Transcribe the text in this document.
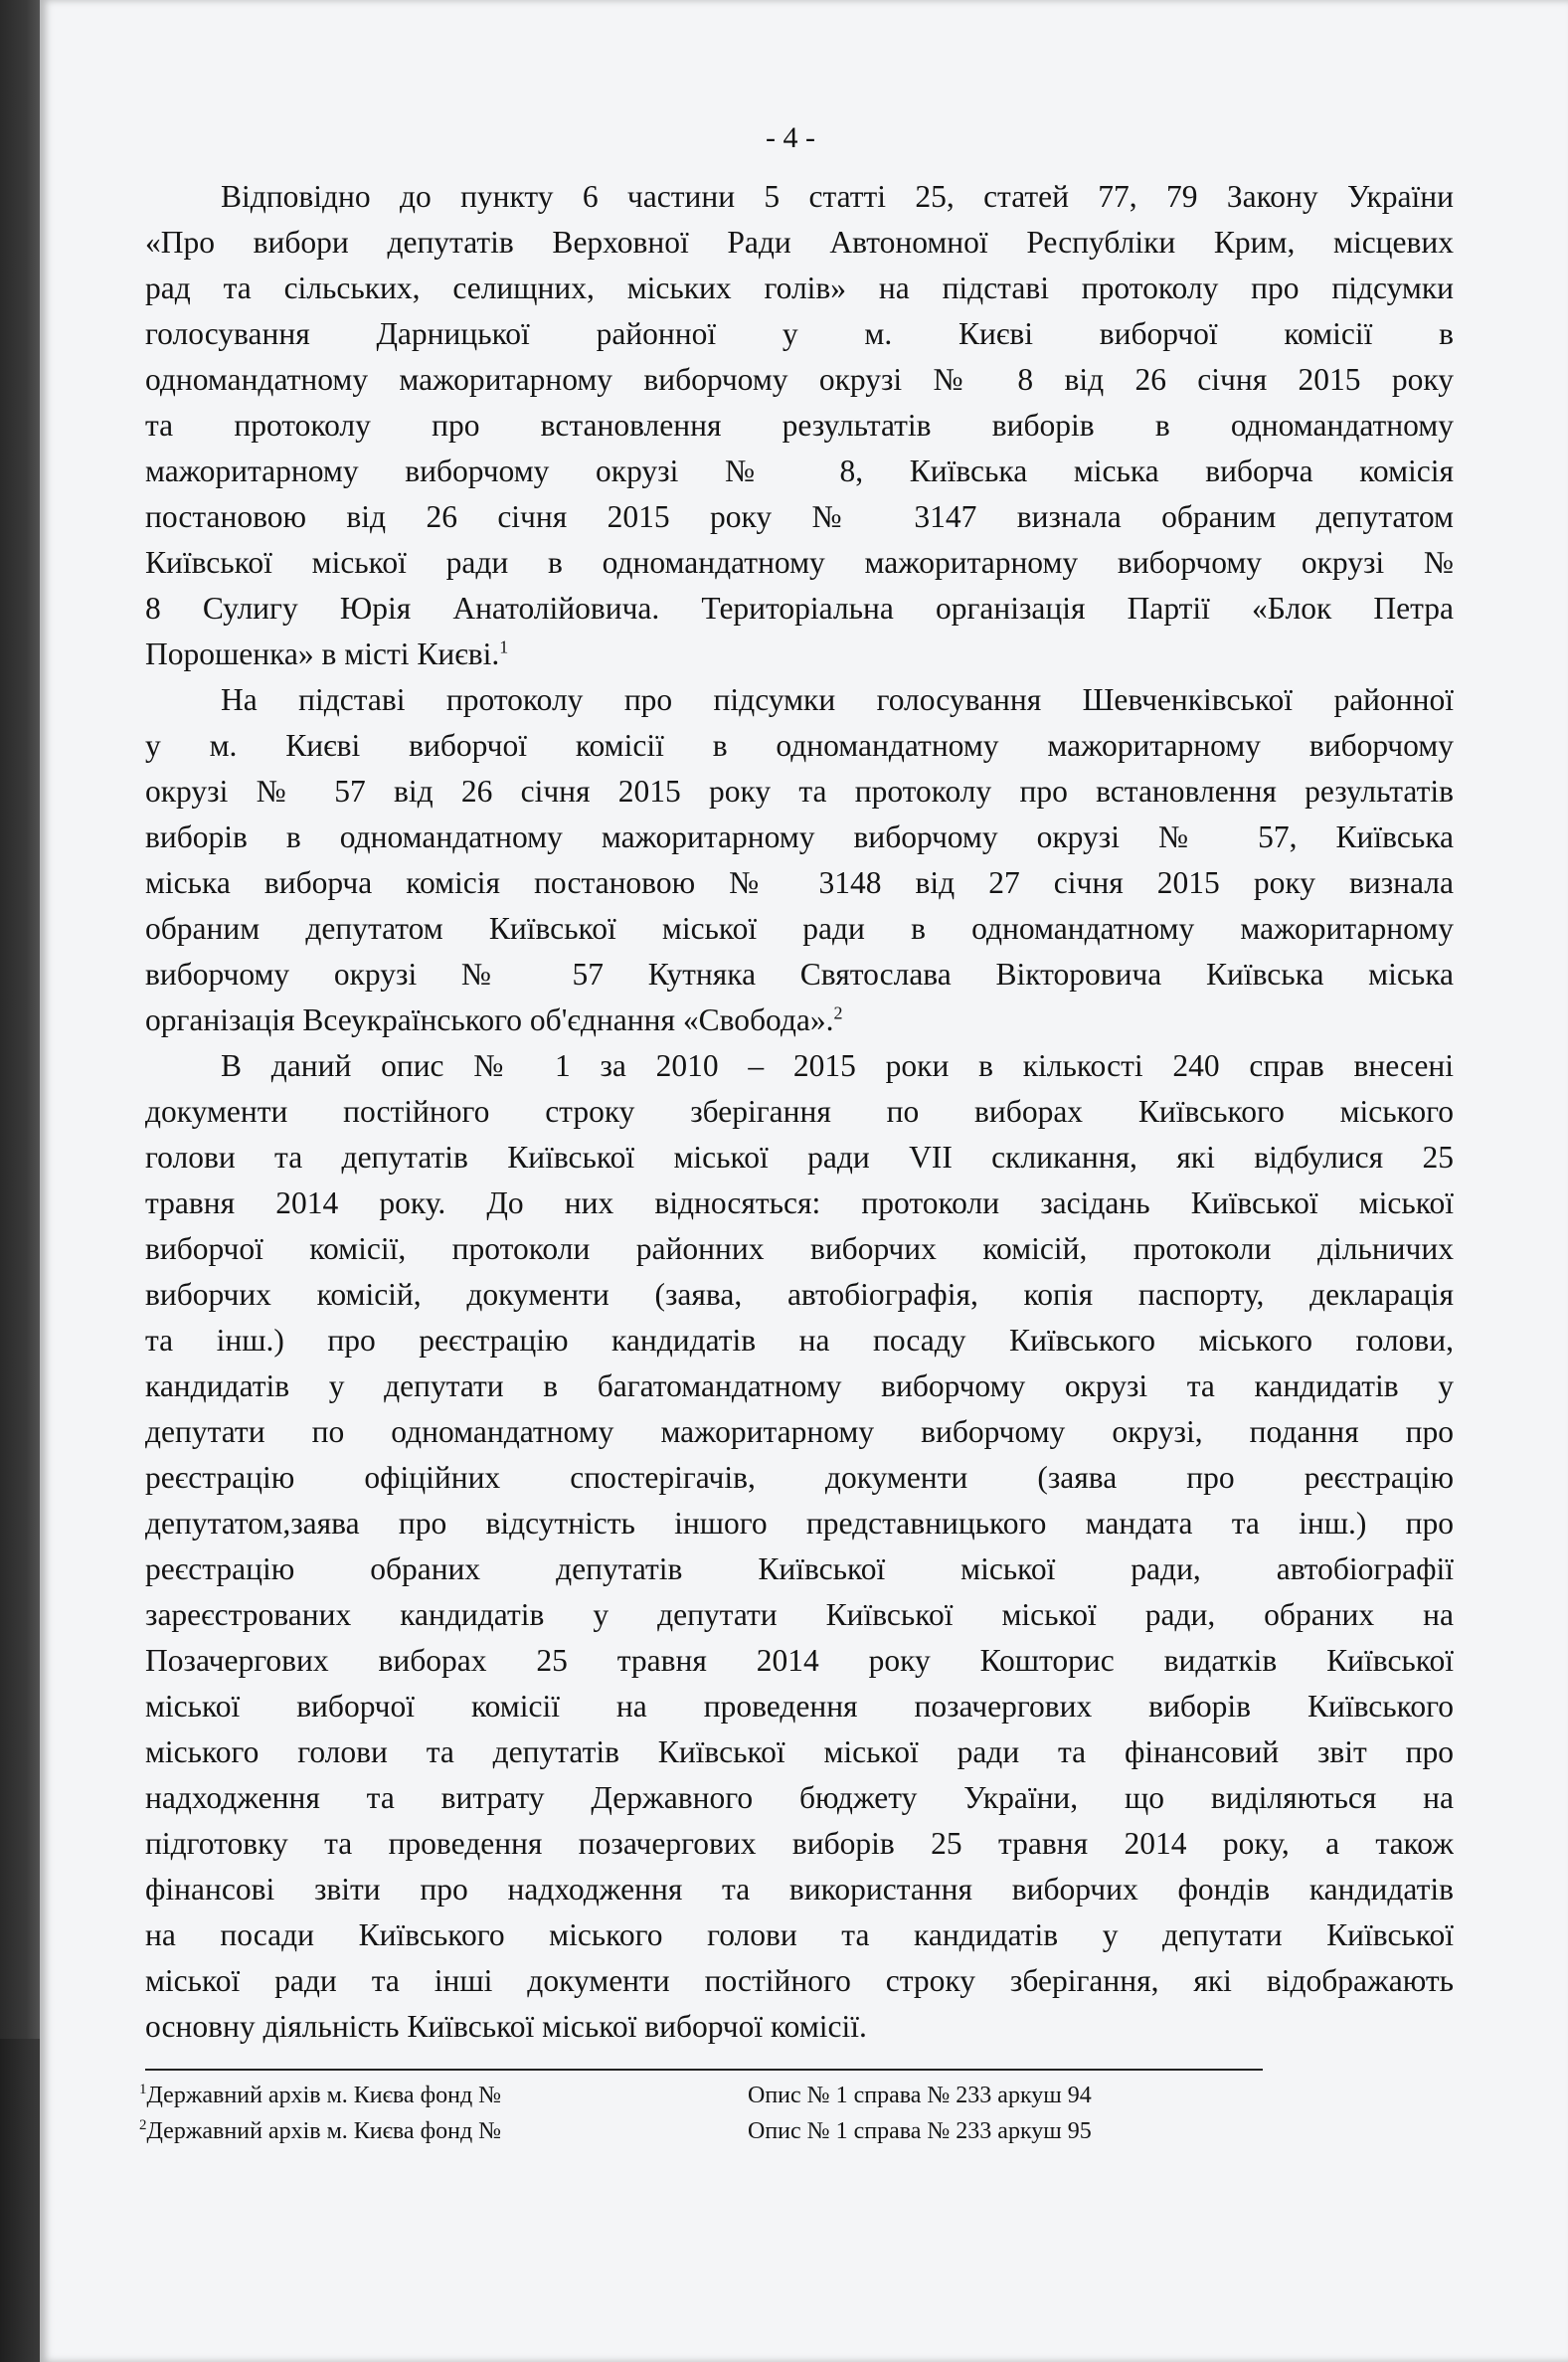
- 4 -
Відповідно до пункту 6 частини 5 статті 25, статей 77, 79 Закону України
«Про вибори депутатів Верховної Ради Автономної Республіки Крим, місцевих
рад та сільських, селищних, міських голів» на підставі протоколу про підсумки
голосування Дарницької районної у м. Києві виборчої комісії в
одномандатному мажоритарному виборчому окрузі № 8 від 26 січня 2015 року
та протоколу про встановлення результатів виборів в одномандатному
мажоритарному виборчому окрузі № 8, Київська міська виборча комісія
постановою від 26 січня 2015 року № 3147 визнала обраним депутатом
Київської міської ради в одномандатному мажоритарному виборчому окрузі №
8 Сулигу Юрія Анатолійовича. Територіальна організація Партії «Блок Петра
Порошенка» в місті Києві.$^1$
На підставі протоколу про підсумки голосування Шевченківської районної
у м. Києві виборчої комісії в одномандатному мажоритарному виборчому
окрузі № 57 від 26 січня 2015 року та протоколу про встановлення результатів
виборів в одномандатному мажоритарному виборчому окрузі № 57, Київська
міська виборча комісія постановою № 3148 від 27 січня 2015 року визнала
обраним депутатом Київської міської ради в одномандатному мажоритарному
виборчому окрузі № 57 Кутняка Святослава Вікторовича Київська міська
організація Всеукраїнського об'єднання «Свобода».$^2$
В даний опис № 1 за 2010 – 2015 роки в кількості 240 справ внесені
документи постійного строку зберігання по виборах Київського міського
голови та депутатів Київської міської ради VII скликання, які відбулися 25
травня 2014 року. До них відносяться: протоколи засідань Київської міської
виборчої комісії, протоколи районних виборчих комісій, протоколи дільничих
виборчих комісій, документи (заява, автобіографія, копія паспорту, декларація
та інш.) про реєстрацію кандидатів на посаду Київського міського голови,
кандидатів у депутати в багатомандатному виборчому окрузі та кандидатів у
депутати по одномандатному мажоритарному виборчому окрузі, подання про
реєстрацію офіційних спостерігачів, документи (заява про реєстрацію
депутатом,заява про відсутність іншого представницького мандата та інш.) про
реєстрацію обраних депутатів Київської міської ради, автобіографії
зареєстрованих кандидатів у депутати Київської міської ради, обраних на
Позачергових виборах 25 травня 2014 року Кошторис видатків Київської
міської виборчої комісії на проведення позачергових виборів Київського
міського голови та депутатів Київської міської ради та фінансовий звіт про
надходження та витрату Державного бюджету України, що виділяються на
підготовку та проведення позачергових виборів 25 травня 2014 року, а також
фінансові звіти про надходження та використання виборчих фондів кандидатів
на посади Київського міського голови та кандидатів у депутати Київської
міської ради та інші документи постійного строку зберігання, які відображають
основну діяльність Київської міської виборчої комісії.
$^1$Державний архів м. Києва фонд №	Опис № 1 справа № 233 аркуш 94
$^2$Державний архів м. Києва фонд №	Опис № 1 справа № 233 аркуш 95
